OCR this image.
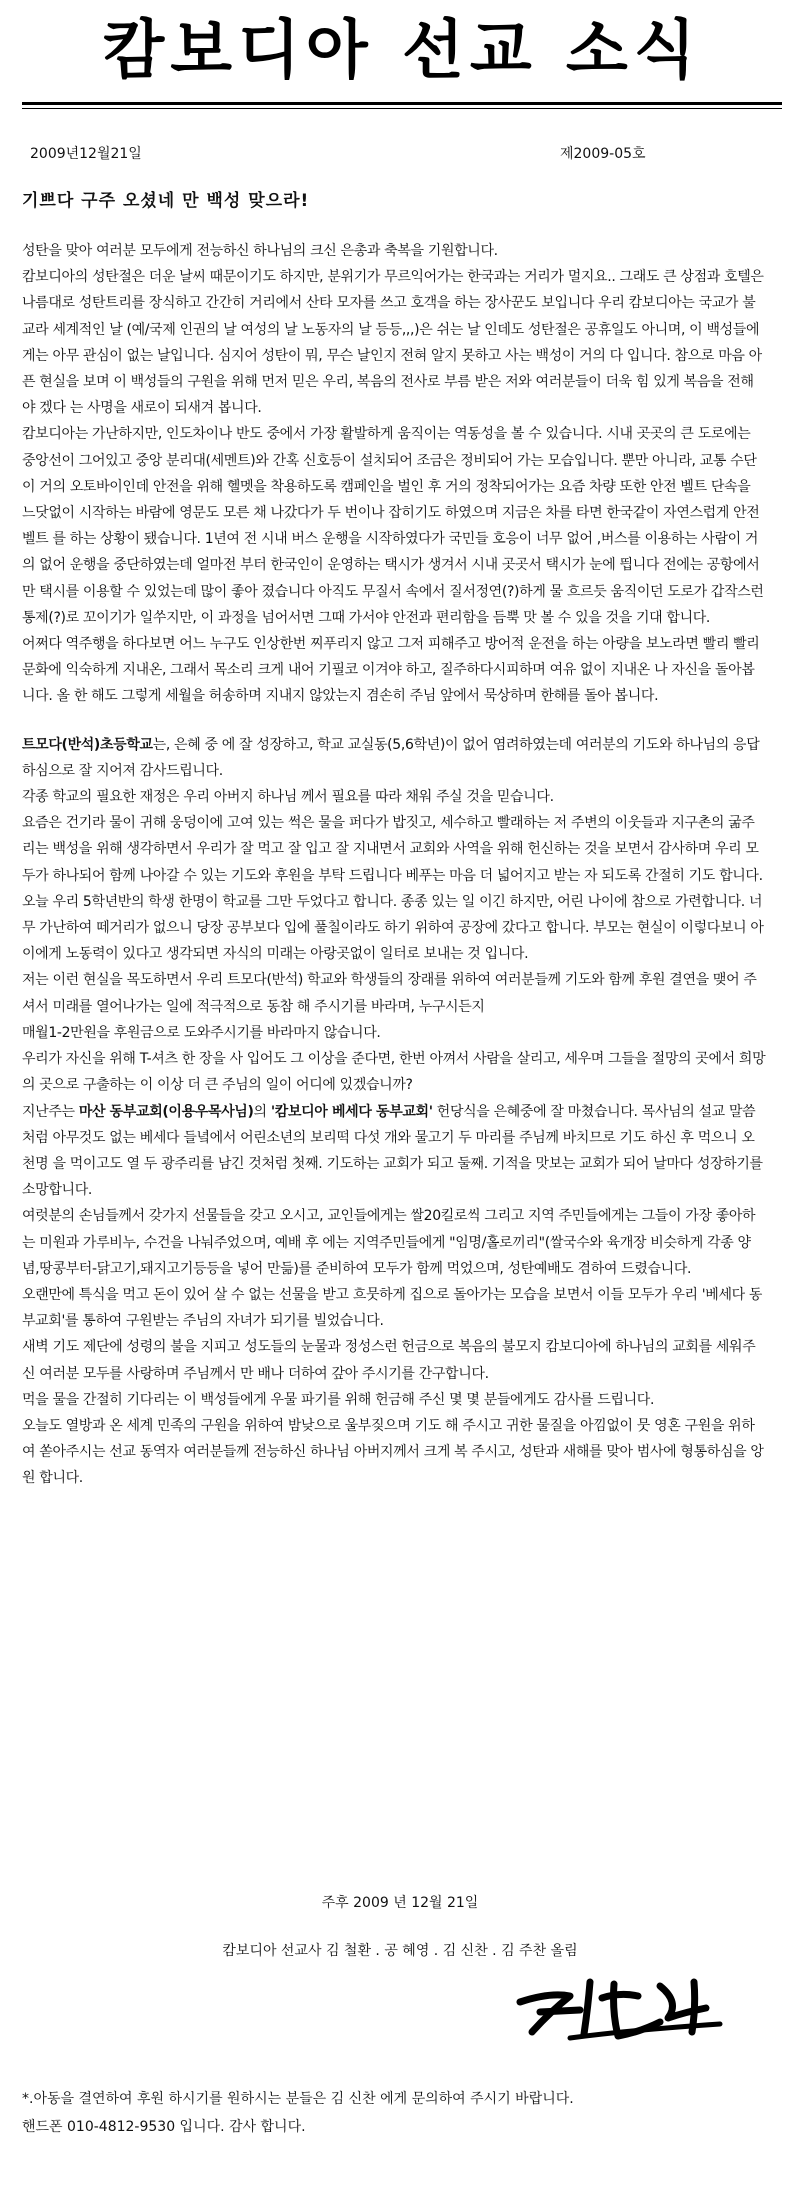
캄보디아 선교 소식
2009년12월21일	제2009-05호
기쁘다 구주 오셨네 만 백성 맞으라!

성탄을 맞아 여러분 모두에게 전능하신 하나님의 크신 은총과 축복을 기원합니다.

캄보디아의 성탄절은 더운 날씨 때문이기도 하지만, 분위기가 무르익어가는 한국과는 거리가 멀지요.. 그래도 큰 상점과 호텔은 나름대로 성탄트리를 장식하고 간간히 거리에서 산타 모자를 쓰고 호객을 하는 장사꾼도 보입니다 우리 캄보디아는 국교가 불교라 세계적인 날 (예/국제 인권의 날 여성의 날 노동자의 날 등등,,,)은 쉬는 날 인데도 성탄절은 공휴일도 아니며, 이 백성들에게는 아무 관심이 없는 날입니다. 심지어 성탄이 뭐, 무슨 날인지 전혀 알지 못하고 사는 백성이 거의 다 입니다. 참으로 마음 아픈 현실을 보며 이 백성들의 구원을 위해 먼저 믿은 우리, 복음의 전사로 부름 받은 저와 여러분들이 더욱 힘 있게 복음을 전해야 겠다 는 사명을 새로이 되새겨 봅니다.

캄보디아는 가난하지만, 인도차이나 반도 중에서 가장 활발하게 움직이는 역동성을 볼 수 있습니다. 시내 곳곳의 큰 도로에는 중앙선이 그어있고 중앙 분리대(세멘트)와 간혹 신호등이 설치되어 조금은 정비되어 가는 모습입니다. 뿐만 아니라, 교통 수단이 거의 오토바이인데 안전을 위해 헬멧을 착용하도록 캠페인을 벌인 후 거의 정착되어가는 요즘 차량 또한 안전 벨트 단속을 느닷없이 시작하는 바람에 영문도 모른 채 나갔다가 두 번이나 잡히기도 하였으며 지금은 차를 타면 한국같이 자연스럽게 안전 벨트 를 하는 상황이 됐습니다. 1년여 전 시내 버스 운행을 시작하였다가 국민들 호응이 너무 없어 ,버스를 이용하는 사람이 거의 없어 운행을 중단하였는데 얼마전 부터 한국인이 운영하는 택시가 생겨서 시내 곳곳서 택시가 눈에 띕니다 전에는 공항에서만 택시를 이용할 수 있었는데 많이 좋아 졌습니다 아직도 무질서 속에서 질서정연(?)하게 물 흐르듯 움직이던 도로가 갑작스런 통제(?)로 꼬이기가 일쑤지만, 이 과정을 넘어서면 그때 가서야 안전과 편리함을 듬뿍 맛 볼 수 있을 것을 기대 합니다.

어쩌다 역주행을 하다보면 어느 누구도 인상한번 찌푸리지 않고 그저 피해주고 방어적 운전을 하는 아량을 보노라면 빨리 빨리 문화에 익숙하게 지내온, 그래서 목소리 크게 내어 기필코 이겨야 하고, 질주하다시피하며 여유 없이 지내온 나 자신을 돌아봅니다. 올 한 해도 그렇게 세월을 허송하며 지내지 않았는지 겸손히 주님 앞에서 묵상하며 한해를 돌아 봅니다.

트모다(반석)초등학교는, 은혜 중 에 잘 성장하고, 학교 교실동(5,6학년)이 없어 염려하였는데 여러분의 기도와 하나님의 응답하심으로 잘 지어져 감사드립니다.

각종 학교의 필요한 재정은 우리 아버지 하나님 께서 필요를 따라 채워 주실 것을 믿습니다.

요즘은 건기라 물이 귀해 웅덩이에 고여 있는 썩은 물을 퍼다가 밥짓고, 세수하고 빨래하는 저 주변의 이웃들과 지구촌의 굶주리는 백성을 위해 생각하면서 우리가 잘 먹고 잘 입고 잘 지내면서 교회와 사역을 위해 헌신하는 것을 보면서 감사하며 우리 모두가 하나되어 함께 나아갈 수 있는 기도와 후원을 부탁 드립니다 베푸는 마음 더 넓어지고 받는 자 되도록 간절히 기도 합니다.

오늘 우리 5학년반의 학생 한명이 학교를 그만 두었다고 합니다. 종종 있는 일 이긴 하지만, 어린 나이에 참으로 가련합니다. 너무 가난하여 떼거리가 없으니 당장 공부보다 입에 풀칠이라도 하기 위하여 공장에 갔다고 합니다. 부모는 현실이 이렇다보니 아이에게 노동력이 있다고 생각되면 자식의 미래는 아랑곳없이 일터로 보내는 것 입니다.

저는 이런 현실을 목도하면서 우리 트모다(반석) 학교와 학생들의 장래를 위하여 여러분들께 기도와 함께 후원 결연을 맺어 주셔서 미래를 열어나가는 일에 적극적으로 동참 해 주시기를 바라며, 누구시든지

매월1-2만원을 후원금으로 도와주시기를 바라마지 않습니다.

우리가 자신을 위해 T-셔츠 한 장을 사 입어도 그 이상을 준다면, 한번 아껴서 사람을 살리고, 세우며 그들을 절망의 곳에서 희망의 곳으로 구출하는 이 이상 더 큰 주님의 일이 어디에 있겠습니까?

지난주는 마산 동부교회(이용우목사님)의 '캄보디아 베세다 동부교회' 헌당식을 은혜중에 잘 마쳤습니다. 목사님의 설교 말씀처럼 아무것도 없는 베세다 들녘에서 어린소년의 보리떡 다섯 개와 물고기 두 마리를 주님께 바치므로 기도 하신 후 먹으니 오천명 을 먹이고도 열 두 광주리를 남긴 것처럼 첫째. 기도하는 교회가 되고 둘째. 기적을 맛보는 교회가 되어 날마다 성장하기를 소망합니다.

여럿분의 손님들께서 갖가지 선물들을 갖고 오시고, 교인들에게는 쌀20킬로씩 그리고 지역 주민들에게는 그들이 가장 좋아하는 미원과 가루비누, 수건을 나눠주었으며, 예배 후 에는 지역주민들에게 "임명/홀로끼리"(쌀국수와 육개장 비슷하게 각종 양념,땅콩부터-닭고기,돼지고기등등을 넣어 만듦)를 준비하여 모두가 함께 먹었으며, 성탄예배도 겸하여 드렸습니다.

오랜만에 특식을 먹고 돈이 있어 살 수 없는 선물을 받고 흐뭇하게 집으로 돌아가는 모습을 보면서 이들 모두가 우리 '베세다 동부교회'를 통하여 구원받는 주님의 자녀가 되기를 빌었습니다.

새벽 기도 제단에 성령의 불을 지피고 성도들의 눈물과 정성스런 헌금으로 복음의 불모지 캄보디아에 하나님의 교회를 세워주신 여러분 모두를 사랑하며 주님께서 만 배나 더하여 갚아 주시기를 간구합니다.

먹을 물을 간절히 기다리는 이 백성들에게 우물 파기를 위해 헌금해 주신 몇 몇 분들에게도 감사를 드립니다.

오늘도 열방과 온 세계 민족의 구원을 위하여 밤낮으로 울부짖으며 기도 해 주시고 귀한 물질을 아낌없이 뭇 영혼 구원을 위하여 쏟아주시는 선교 동역자 여러분들께 전능하신 하나님 아버지께서 크게 복 주시고, 성탄과 새해를 맞아 범사에 형통하심을 앙원 합니다.

주후 2009 년 12월 21일
캄보디아 선교사 김 철환 . 공 혜영 . 김 신찬 . 김 주찬 올림

*.아동을 결연하여 후원 하시기를 원하시는 분들은 김 신찬 에게 문의하여 주시기 바랍니다.

핸드폰 010-4812-9530 입니다. 감사 합니다.
